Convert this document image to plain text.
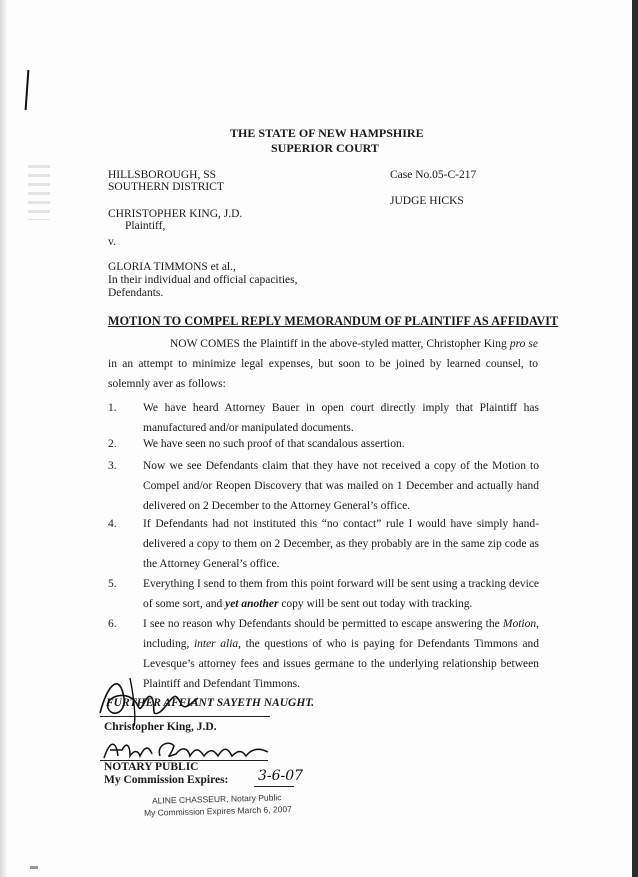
THE STATE OF NEW HAMPSHIRE
SUPERIOR COURT
HILLSBOROUGH, SS
SOUTHERN DISTRICT
Case No.05-C-217
JUDGE HICKS
CHRISTOPHER KING, J.D.
Plaintiff,
v.
GLORIA TIMMONS et al.,
In their individual and official capacities,
Defendants.
MOTION TO COMPEL REPLY MEMORANDUM OF PLAINTIFF AS AFFIDAVIT
NOW COMES the Plaintiff in the above-styled matter, Christopher King pro se in an attempt to minimize legal expenses, but soon to be joined by learned counsel, to solemnly aver as follows:
1. We have heard Attorney Bauer in open court directly imply that Plaintiff has manufactured and/or manipulated documents.
2. We have seen no such proof of that scandalous assertion.
3. Now we see Defendants claim that they have not received a copy of the Motion to Compel and/or Reopen Discovery that was mailed on 1 December and actually hand delivered on 2 December to the Attorney General’s office.
4. If Defendants had not instituted this “no contact” rule I would have simply hand-delivered a copy to them on 2 December, as they probably are in the same zip code as the Attorney General’s office.
5. Everything I send to them from this point forward will be sent using a tracking device of some sort, and yet another copy will be sent out today with tracking.
6. I see no reason why Defendants should be permitted to escape answering the Motion, including, inter alia, the questions of who is paying for Defendants Timmons and Levesque’s attorney fees and issues germane to the underlying relationship between Plaintiff and Defendant Timmons.
FURTHER AFFIANT SAYETH NAUGHT.
Christopher King, J.D.
NOTARY PUBLIC
My Commission Expires: 3-6-07
ALINE CHASSEUR, Notary Public
My Commission Expires March 6, 2007
